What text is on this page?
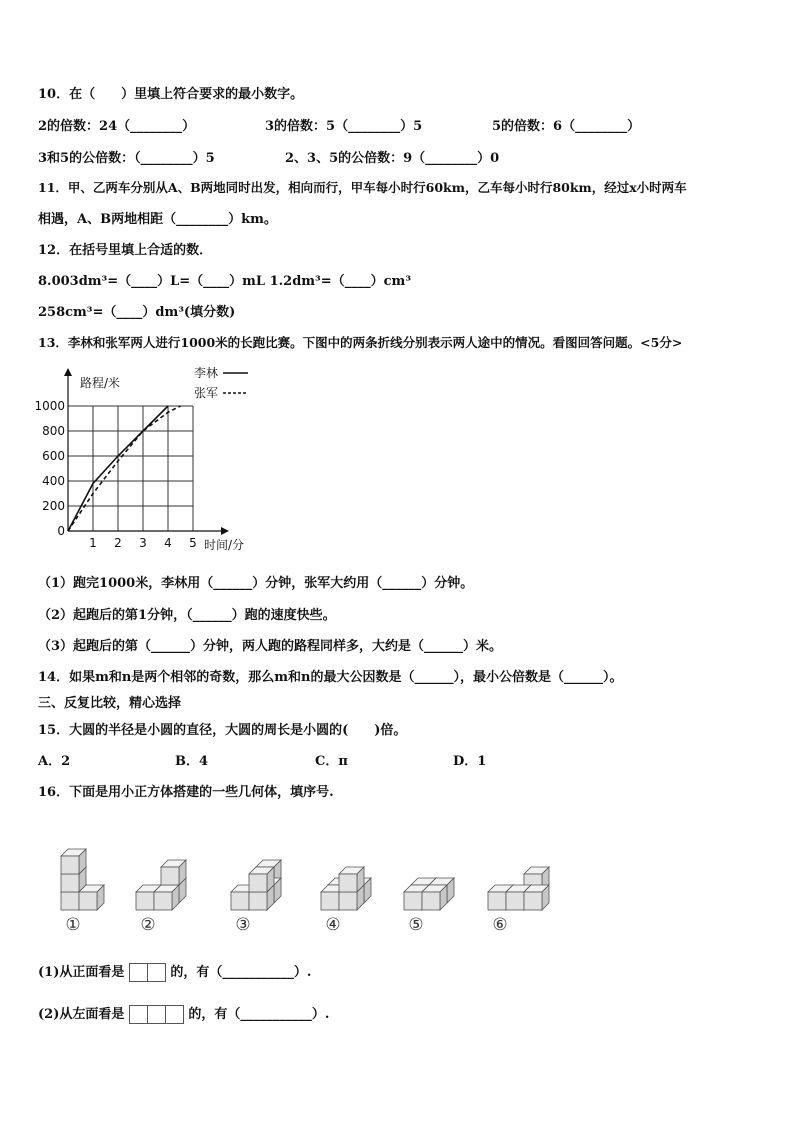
10．在（　　）里填上符合要求的最小数字。
2的倍数：24（________）	3的倍数：5（________）5	5的倍数：6（________）
3和5的公倍数：（________）5	2、3、5的公倍数：9（________）0
11．甲、乙两车分别从A、B两地同时出发，相向而行，甲车每小时行60km，乙车每小时行80km，经过x小时两车
相遇，A、B两地相距（________）km。
12．在括号里填上合适的数．
8.003dm³=（____）L=（____）mL 1.2dm³=（____）cm³
258cm³=（____）dm³(填分数)
13．李林和张军两人进行1000米的长跑比赛。下图中的两条折线分别表示两人途中的情况。看图回答问题。<5分>
路程/米
时间/分
0
200
400
600
800
1000
1 2 3 4 5
李林
张军
（1）跑完1000米，李林用（______）分钟，张军大约用（______）分钟。
（2）起跑后的第1分钟，（______）跑的速度快些。
（3）起跑后的第（______）分钟，两人跑的路程同样多，大约是（______）米。
14．如果m和n是两个相邻的奇数，那么m和n的最大公因数是（______），最小公倍数是（______）。
三、反复比较，精心选择
15．大圆的半径是小圆的直径，大圆的周长是小圆的(　　)倍。
A．2	B．4	C．π	D．1
16．下面是用小正方体搭建的一些几何体，填序号.
①	②	③	④	⑤	⑥
(1)从正面看是	的，有（___________）.
(2)从左面看是	的，有（___________）.
